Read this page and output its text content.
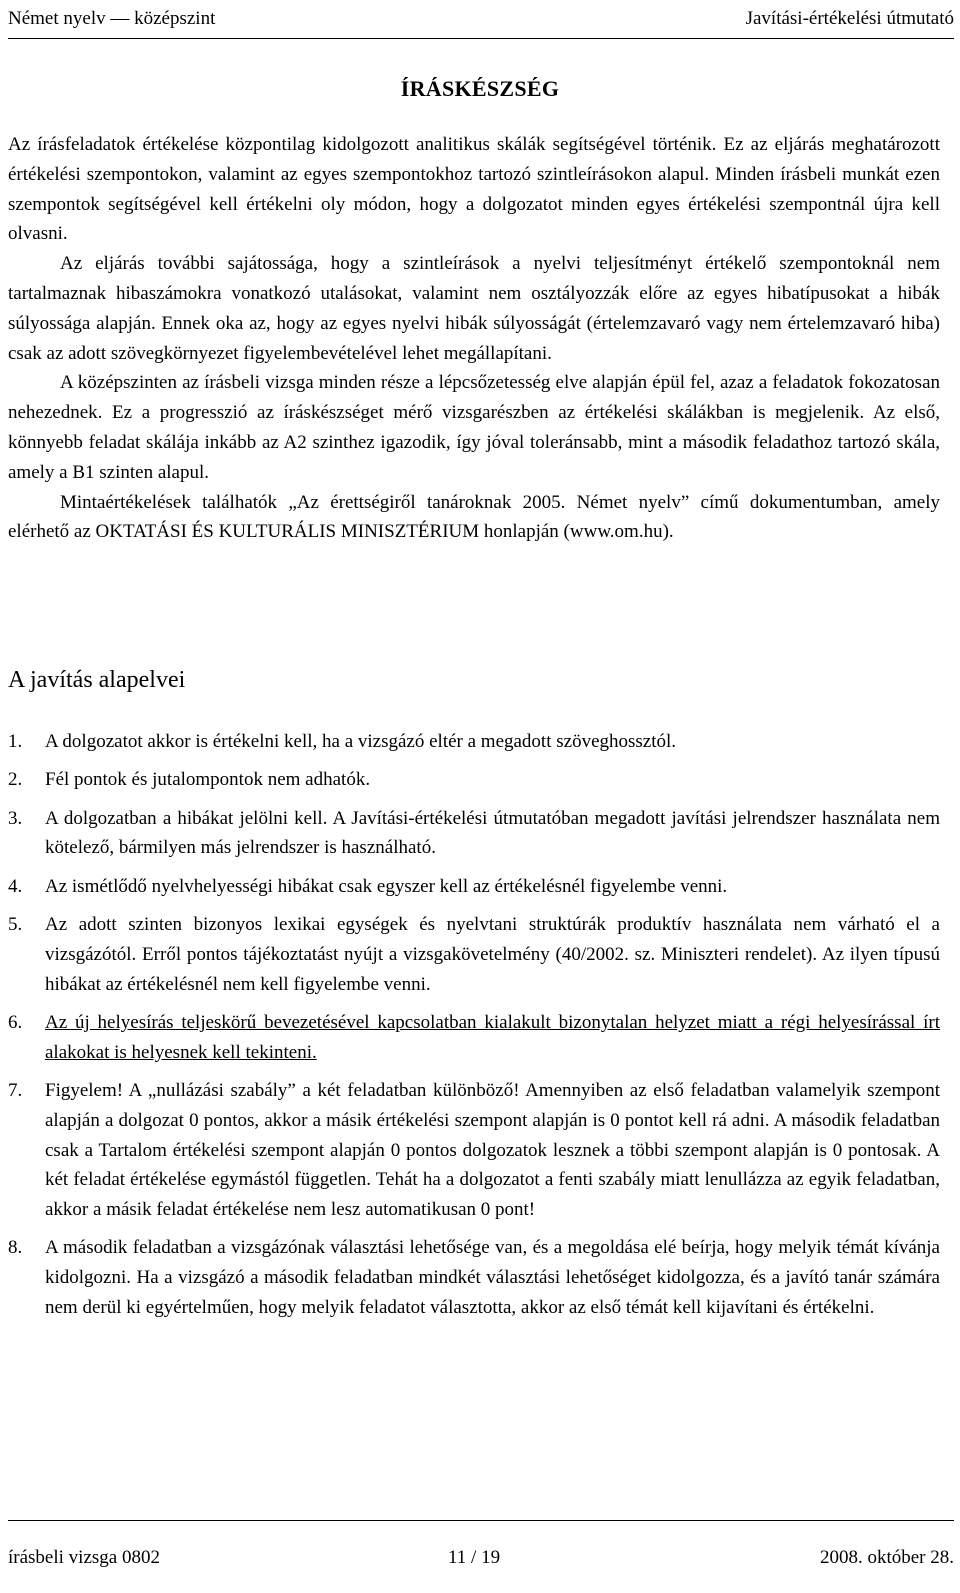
Német nyelv — középszint	Javítási-értékelési útmutató
ÍRÁSKÉSZSÉG

Az írásfeladatok értékelése központilag kidolgozott analitikus skálák segítségével történik. Ez az eljárás meghatározott értékelési szempontokon, valamint az egyes szempontokhoz tartozó szintleírásokon alapul. Minden írásbeli munkát ezen szempontok segítségével kell értékelni oly módon, hogy a dolgozatot minden egyes értékelési szempontnál újra kell olvasni.

Az eljárás további sajátossága, hogy a szintleírások a nyelvi teljesítményt értékelő szempontoknál nem tartalmaznak hibaszámokra vonatkozó utalásokat, valamint nem osztályozzák előre az egyes hibatípusokat a hibák súlyossága alapján. Ennek oka az, hogy az egyes nyelvi hibák súlyosságát (értelemzavaró vagy nem értelemzavaró hiba) csak az adott szövegkörnyezet figyelembevételével lehet megállapítani.

A középszinten az írásbeli vizsga minden része a lépcsőzetesség elve alapján épül fel, azaz a feladatok fokozatosan nehezednek. Ez a progresszió az íráskészséget mérő vizsgarészben az értékelési skálákban is megjelenik. Az első, könnyebb feladat skálája inkább az A2 szinthez igazodik, így jóval toleránsabb, mint a második feladathoz tartozó skála, amely a B1 szinten alapul.

Mintaértékelések találhatók „Az érettségiről tanároknak 2005. Német nyelv” című dokumentumban, amely elérhető az OKTATÁSI ÉS KULTURÁLIS MINISZTÉRIUM honlapján (www.om.hu).

A javítás alapelvei
1.	A dolgozatot akkor is értékelni kell, ha a vizsgázó eltér a megadott szöveghossztól.
2.	Fél pontok és jutalompontok nem adhatók.
3.	A dolgozatban a hibákat jelölni kell. A Javítási-értékelési útmutatóban megadott javítási jelrendszer használata nem kötelező, bármilyen más jelrendszer is használható.
4.	Az ismétlődő nyelvhelyességi hibákat csak egyszer kell az értékelésnél figyelembe venni.
5.	Az adott szinten bizonyos lexikai egységek és nyelvtani struktúrák produktív használata nem várható el a vizsgázótól. Erről pontos tájékoztatást nyújt a vizsgakövetelmény (40/2002. sz. Miniszteri rendelet). Az ilyen típusú hibákat az értékelésnél nem kell figyelembe venni.
6.	Az új helyesírás teljeskörű bevezetésével kapcsolatban kialakult bizonytalan helyzet miatt a régi helyesírással írt alakokat is helyesnek kell tekinteni.
7.	Figyelem! A „nullázási szabály” a két feladatban különböző! Amennyiben az első feladatban valamelyik szempont alapján a dolgozat 0 pontos, akkor a másik értékelési szempont alapján is 0 pontot kell rá adni. A második feladatban csak a Tartalom értékelési szempont alapján 0 pontos dolgozatok lesznek a többi szempont alapján is 0 pontosak. A két feladat értékelése egymástól független. Tehát ha a dolgozatot a fenti szabály miatt lenullázza az egyik feladatban, akkor a másik feladat értékelése nem lesz automatikusan 0 pont!
8.	A második feladatban a vizsgázónak választási lehetősége van, és a megoldása elé beírja, hogy melyik témát kívánja kidolgozni. Ha a vizsgázó a második feladatban mindkét választási lehetőséget kidolgozza, és a javító tanár számára nem derül ki egyértelműen, hogy melyik feladatot választotta, akkor az első témát kell kijavítani és értékelni.
írásbeli vizsga 0802	11 / 19	2008. október 28.
